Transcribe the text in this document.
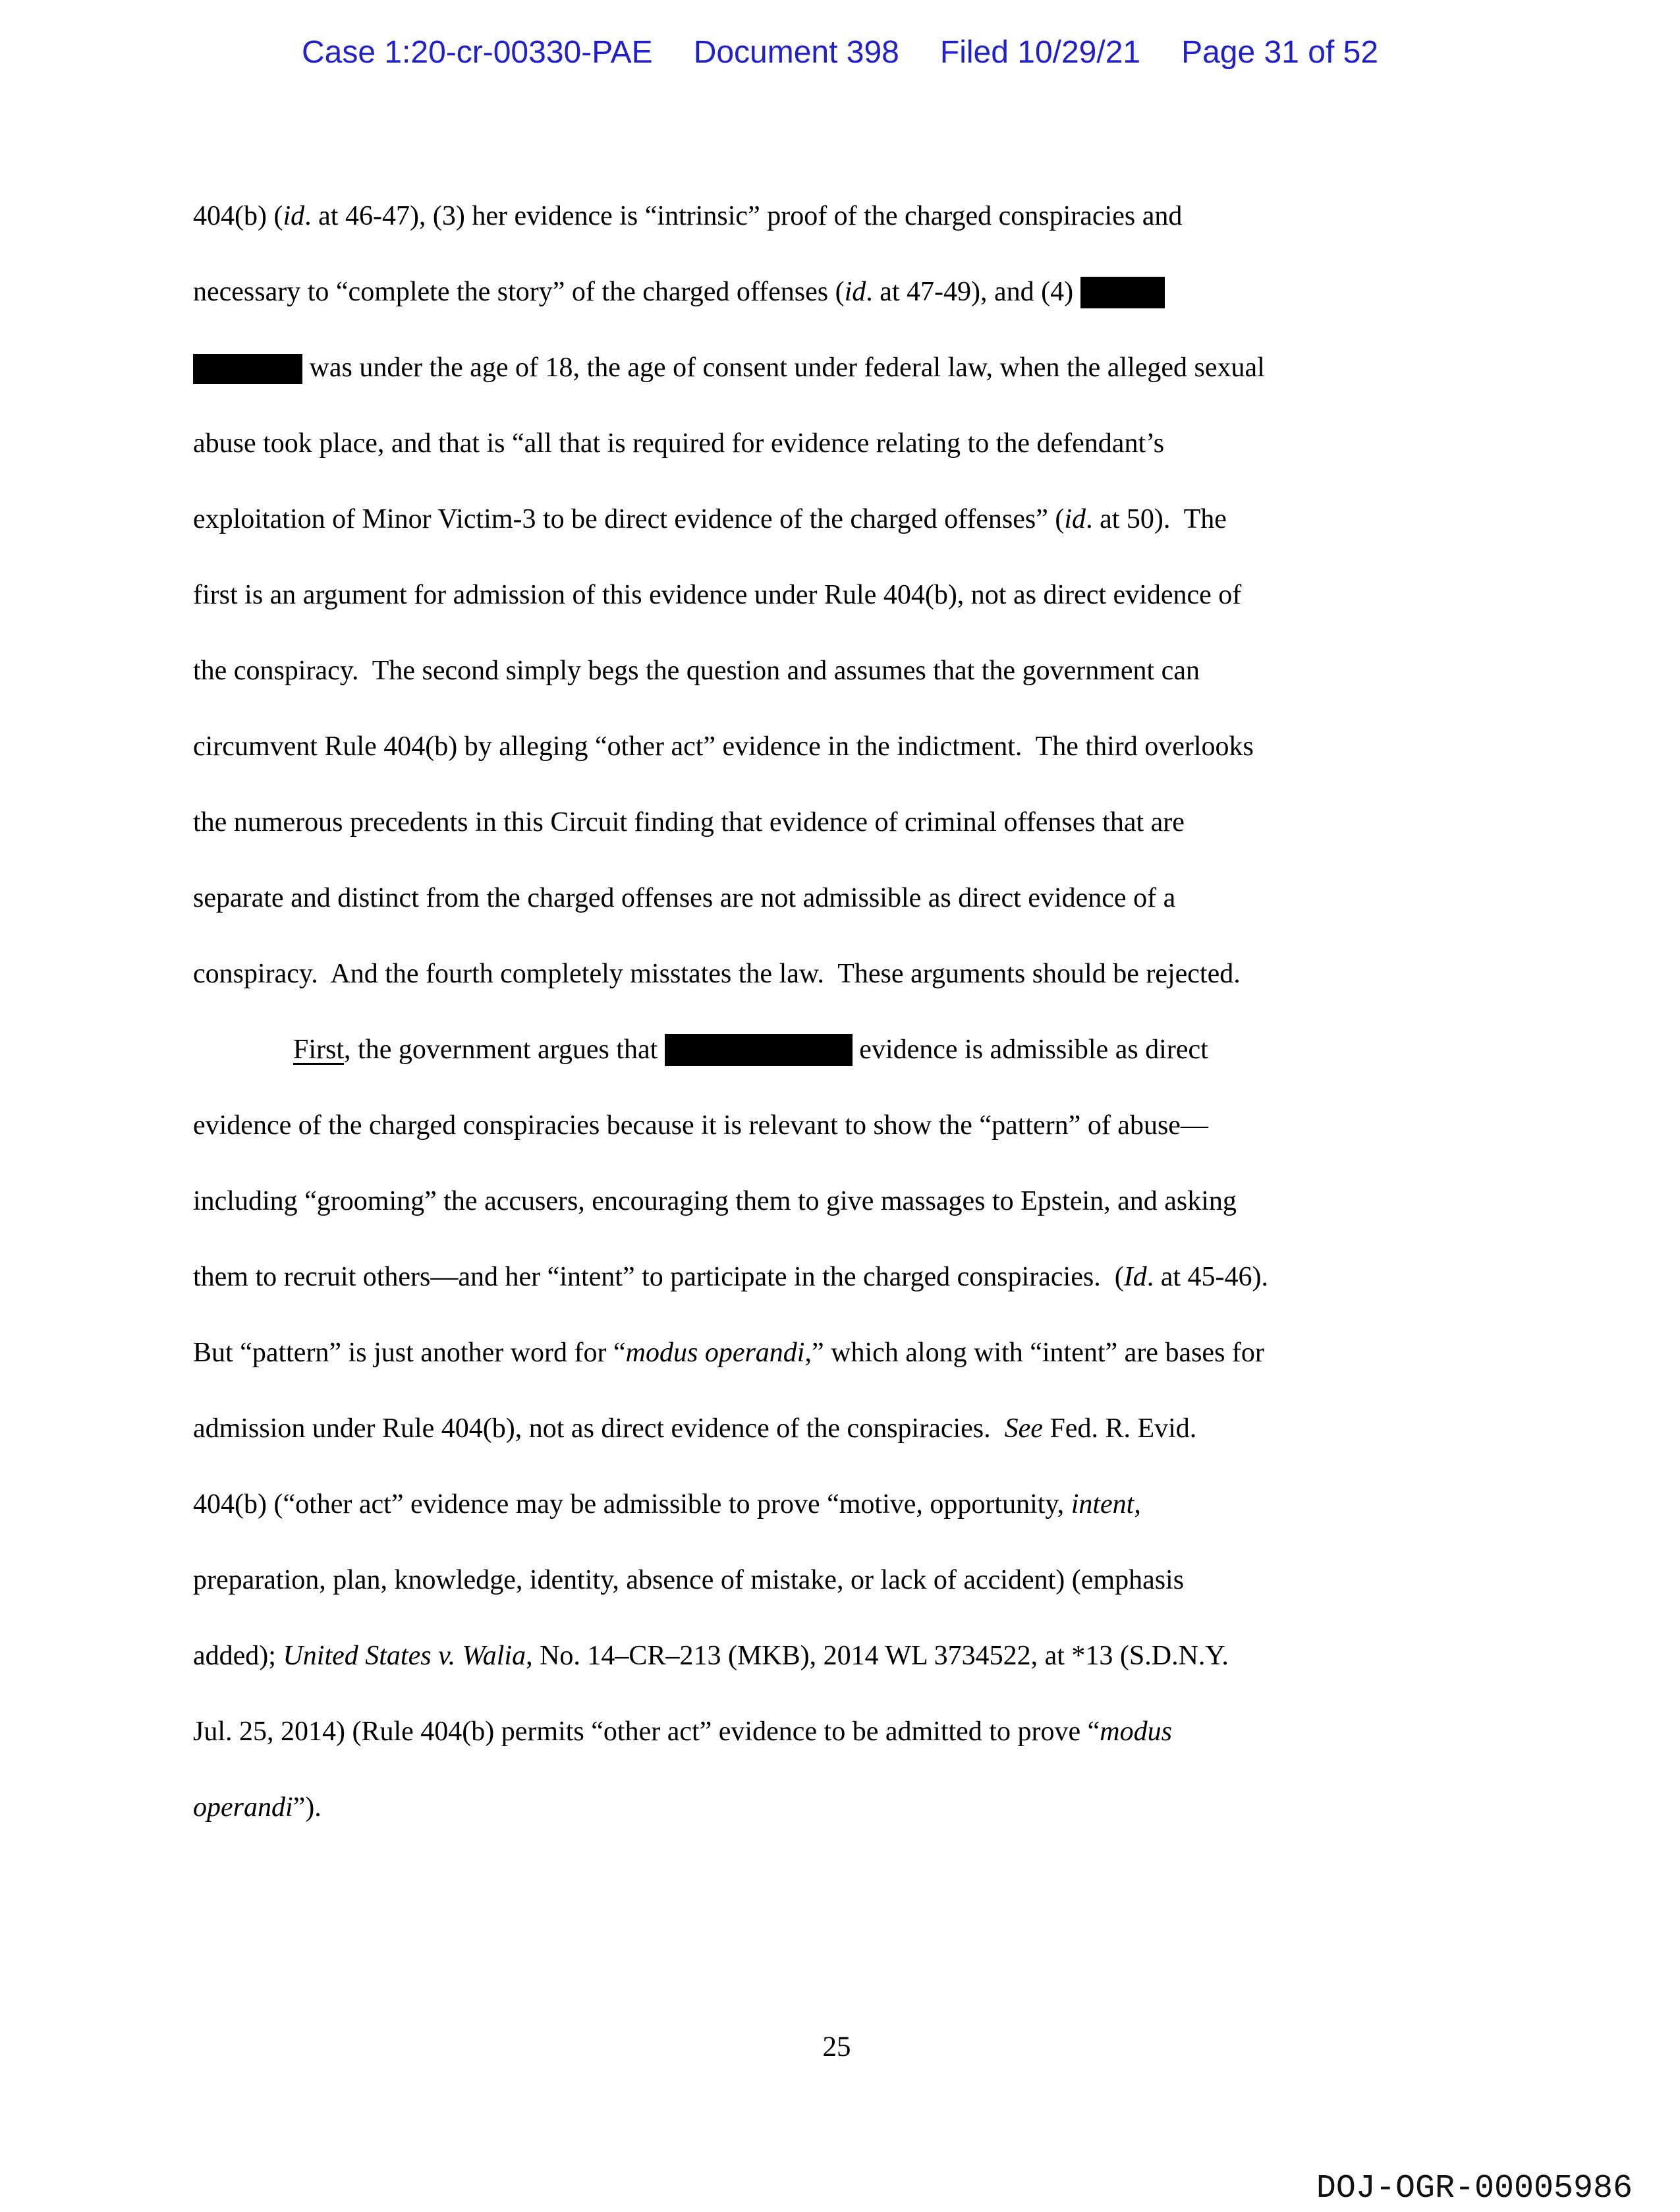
Case 1:20-cr-00330-PAE Document 398 Filed 10/29/21 Page 31 of 52
404(b) (id. at 46-47), (3) her evidence is “intrinsic” proof of the charged conspiracies and
necessary to “complete the story” of the charged offenses (id. at 47-49), and (4)
was under the age of 18, the age of consent under federal law, when the alleged sexual
abuse took place, and that is “all that is required for evidence relating to the defendant’s
exploitation of Minor Victim-3 to be direct evidence of the charged offenses” (id. at 50).  The
first is an argument for admission of this evidence under Rule 404(b), not as direct evidence of
the conspiracy.  The second simply begs the question and assumes that the government can
circumvent Rule 404(b) by alleging “other act” evidence in the indictment.  The third overlooks
the numerous precedents in this Circuit finding that evidence of criminal offenses that are
separate and distinct from the charged offenses are not admissible as direct evidence of a
conspiracy.  And the fourth completely misstates the law.  These arguments should be rejected.
First, the government argues that	evidence is admissible as direct
evidence of the charged conspiracies because it is relevant to show the “pattern” of abuse—
including “grooming” the accusers, encouraging them to give massages to Epstein, and asking
them to recruit others—and her “intent” to participate in the charged conspiracies.  (Id. at 45-46).
But “pattern” is just another word for “modus operandi,” which along with “intent” are bases for
admission under Rule 404(b), not as direct evidence of the conspiracies.  See Fed. R. Evid.
404(b) (“other act” evidence may be admissible to prove “motive, opportunity, intent,
preparation, plan, knowledge, identity, absence of mistake, or lack of accident) (emphasis
added); United States v. Walia, No. 14–CR–213 (MKB), 2014 WL 3734522, at *13 (S.D.N.Y.
Jul. 25, 2014) (Rule 404(b) permits “other act” evidence to be admitted to prove “modus
operandi”).
25
DOJ-OGR-00005986
